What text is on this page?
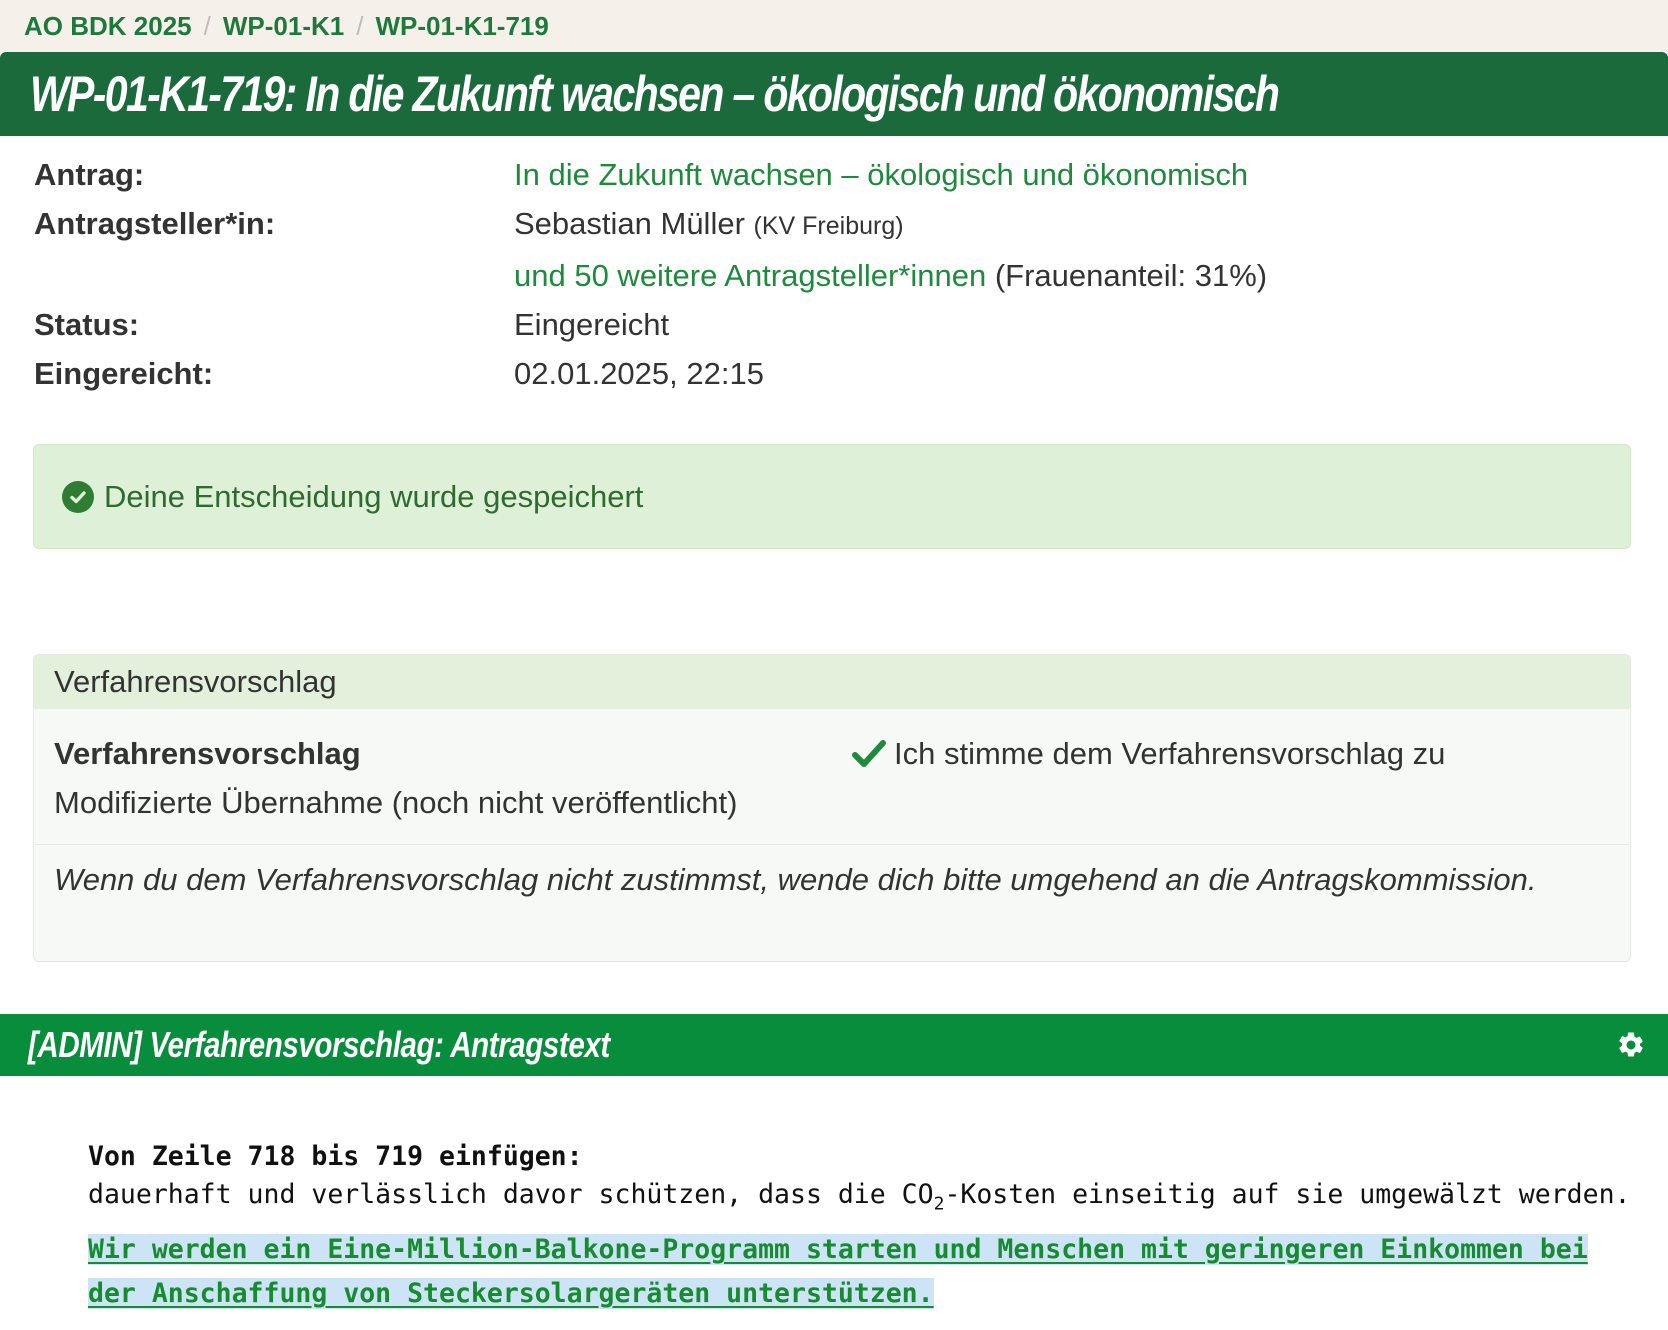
AO BDK 2025 / WP-01-K1 / WP-01-K1-719
WP-01-K1-719: In die Zukunft wachsen – ökologisch und ökonomisch
Antrag:	In die Zukunft wachsen – ökologisch und ökonomisch
Antragsteller*in:	Sebastian Müller (KV Freiburg)
und 50 weitere Antragsteller*innen (Frauenanteil: 31%)
Status:	Eingereicht
Eingereicht:	02.01.2025, 22:15
Deine Entscheidung wurde gespeichert
Verfahrensvorschlag
Verfahrensvorschlag
Modifizierte Übernahme (noch nicht veröffentlicht)
Ich stimme dem Verfahrensvorschlag zu
Wenn du dem Verfahrensvorschlag nicht zustimmst, wende dich bitte umgehend an die Antragskommission.
[ADMIN] Verfahrensvorschlag: Antragstext
Von Zeile 718 bis 719 einfügen:
dauerhaft und verlässlich davor schützen, dass die $CO_2$-Kosten einseitig auf sie umgewälzt werden.
Wir werden ein Eine-Million-Balkone-Programm starten und Menschen mit geringeren Einkommen bei der Anschaffung von Steckersolargeräten unterstützen.
